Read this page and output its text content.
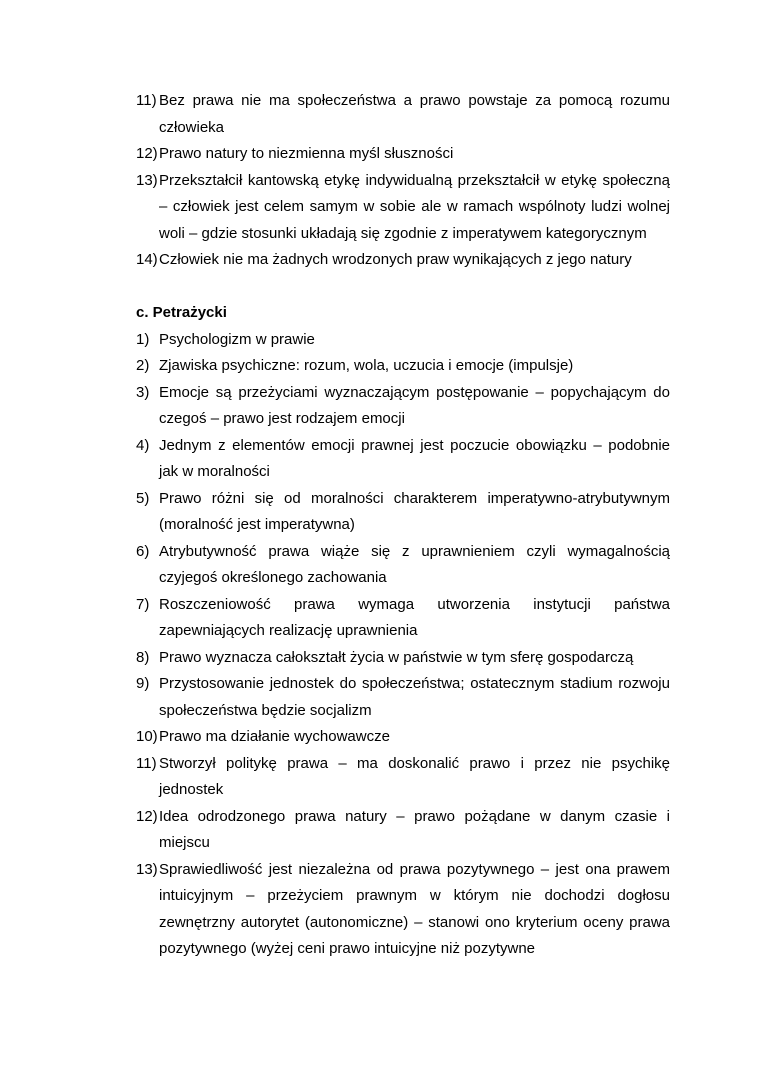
11) Bez prawa nie ma społeczeństwa a prawo powstaje za pomocą rozumu człowieka
12) Prawo natury to niezmienna myśl słuszności
13) Przekształcił kantowską etykę indywidualną przekształcił w etykę społeczną – człowiek jest celem samym w sobie ale w ramach wspólnoty ludzi wolnej woli – gdzie stosunki układają się zgodnie z imperatywem kategorycznym
14) Człowiek nie ma żadnych wrodzonych praw wynikających z jego natury
c. Petrażycki
1) Psychologizm w prawie
2) Zjawiska psychiczne: rozum, wola, uczucia i emocje (impulsje)
3) Emocje są przeżyciami wyznaczającym postępowanie – popychającym do czegoś – prawo jest rodzajem emocji
4) Jednym z elementów emocji prawnej jest poczucie obowiązku – podobnie jak w moralności
5) Prawo różni się od moralności charakterem imperatywno-atrybutywnym (moralność jest imperatywna)
6) Atrybutywność prawa wiąże się z uprawnieniem czyli wymagalnością czyjegoś określonego zachowania
7) Roszczeniowość prawa wymaga utworzenia instytucji państwa zapewniających realizację uprawnienia
8) Prawo wyznacza całokształt życia w państwie w tym sferę gospodarczą
9) Przystosowanie jednostek do społeczeństwa; ostatecznym stadium rozwoju społeczeństwa będzie socjalizm
10) Prawo ma działanie wychowawcze
11) Stworzył politykę prawa – ma doskonalić prawo i przez nie psychikę jednostek
12) Idea odrodzonego prawa natury – prawo pożądane w danym czasie i miejscu
13) Sprawiedliwość jest niezależna od prawa pozytywnego – jest ona prawem intuicyjnym – przeżyciem prawnym w którym nie dochodzi dogłosu zewnętrzny autorytet (autonomiczne) – stanowi ono kryterium oceny prawa pozytywnego (wyżej ceni prawo intuicyjne niż pozytywne
